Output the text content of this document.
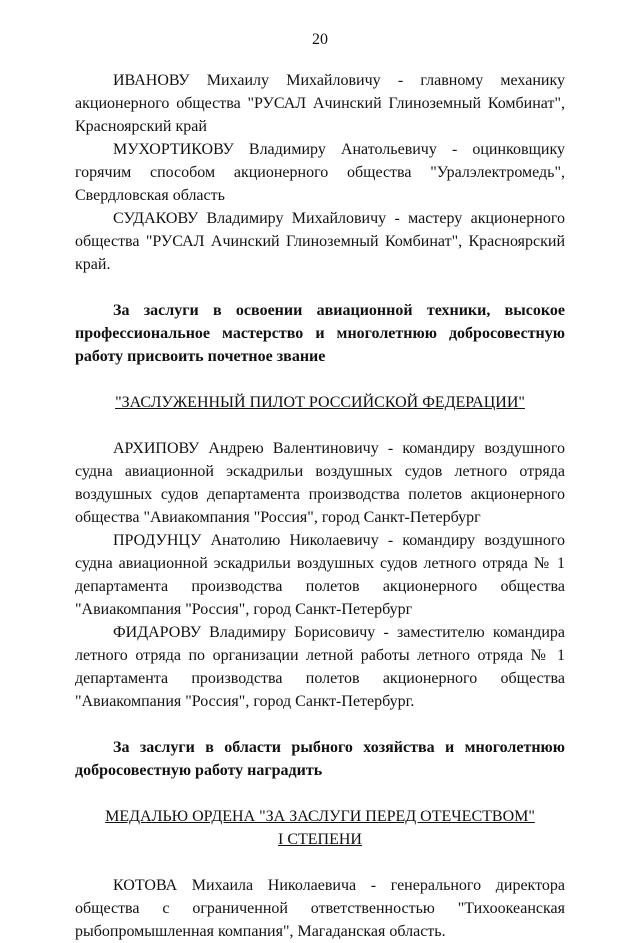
20

ИВАНОВУ Михаилу Михайловичу - главному механику акционерного общества "РУСАЛ Ачинский Глиноземный Комбинат", Красноярский край

МУХОРТИКОВУ Владимиру Анатольевичу - оцинковщику горячим способом акционерного общества "Уралэлектромедь", Свердловская область

СУДАКОВУ Владимиру Михайловичу - мастеру акционерного общества "РУСАЛ Ачинский Глиноземный Комбинат", Красноярский край.

За заслуги в освоении авиационной техники, высокое профессиональное мастерство и многолетнюю добросовестную работу присвоить почетное звание

"ЗАСЛУЖЕННЫЙ ПИЛОТ РОССИЙСКОЙ ФЕДЕРАЦИИ"

АРХИПОВУ Андрею Валентиновичу - командиру воздушного судна авиационной эскадрильи воздушных судов летного отряда воздушных судов департамента производства полетов акционерного общества "Авиакомпания "Россия", город Санкт-Петербург

ПРОДУНЦУ Анатолию Николаевичу - командиру воздушного судна авиационной эскадрильи воздушных судов летного отряда № 1 департамента производства полетов акционерного общества "Авиакомпания "Россия", город Санкт-Петербург

ФИДАРОВУ Владимиру Борисовичу - заместителю командира летного отряда по организации летной работы летного отряда № 1 департамента производства полетов акционерного общества "Авиакомпания "Россия", город Санкт-Петербург.

За заслуги в области рыбного хозяйства и многолетнюю добросовестную работу наградить

МЕДАЛЬЮ ОРДЕНА "ЗА ЗАСЛУГИ ПЕРЕД ОТЕЧЕСТВОМ"

I СТЕПЕНИ

КОТОВА Михаила Николаевича - генерального директора общества с ограниченной ответственностью "Тихоокеанская рыбопромышленная компания", Магаданская область.
